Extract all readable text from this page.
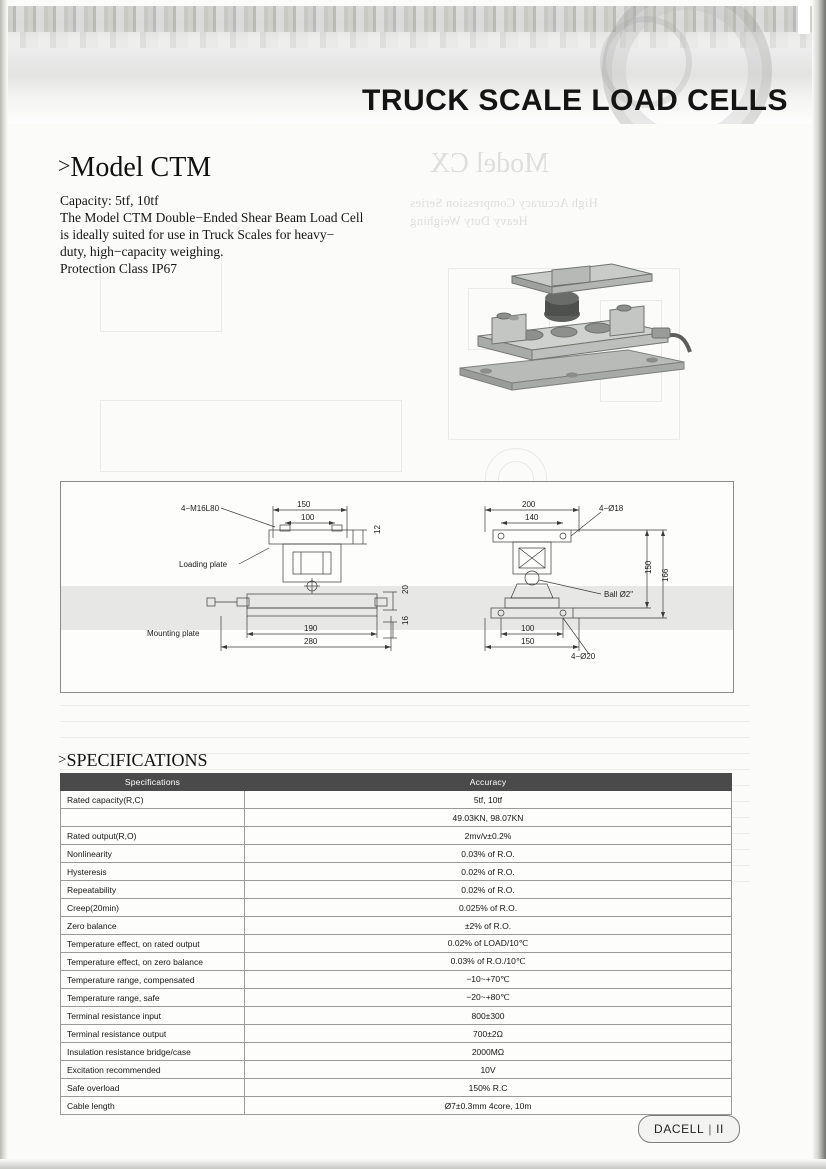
TRUCK SCALE LOAD CELLS
Model CX
High Accuracy Compression Series
Heavy Duty Weighing
>Model CTM

Capacity: 5tf, 10tf

The Model CTM Double−Ended Shear Beam Load Cell

is ideally suited for use in Truck Scales for heavy−

duty, high−capacity weighing.

Protection Class IP67

4−M16L80	150
100
12
Loading plate
20
16
Mounting plate
190
280
200
140
4−Ø18
150
166
Ball Ø2"
100
150
4−Ø20
>SPECIFICATIONS
Specifications	Accuracy
Rated capacity(R,C)	5tf, 10tf
	49.03KN, 98.07KN
Rated output(R,O)	2mv/v±0.2%
Nonlinearity	0.03% of R.O.
Hysteresis	0.02% of R.O.
Repeatability	0.02% of R.O.
Creep(20min)	0.025% of R.O.
Zero balance	±2% of R.O.
Temperature effect, on rated output	0.02% of LOAD/10℃
Temperature effect, on zero balance	0.03% of R.O./10℃
Temperature range, compensated	−10~+70℃
Temperature range, safe	−20~+80℃
Terminal resistance input	800±300
Terminal resistance output	700±2Ω
Insulation resistance bridge/case	2000MΩ
Excitation recommended	10V
Safe overload	150% R.C
Cable length	Ø7±0.3mm 4core, 10m
DACELL | II
